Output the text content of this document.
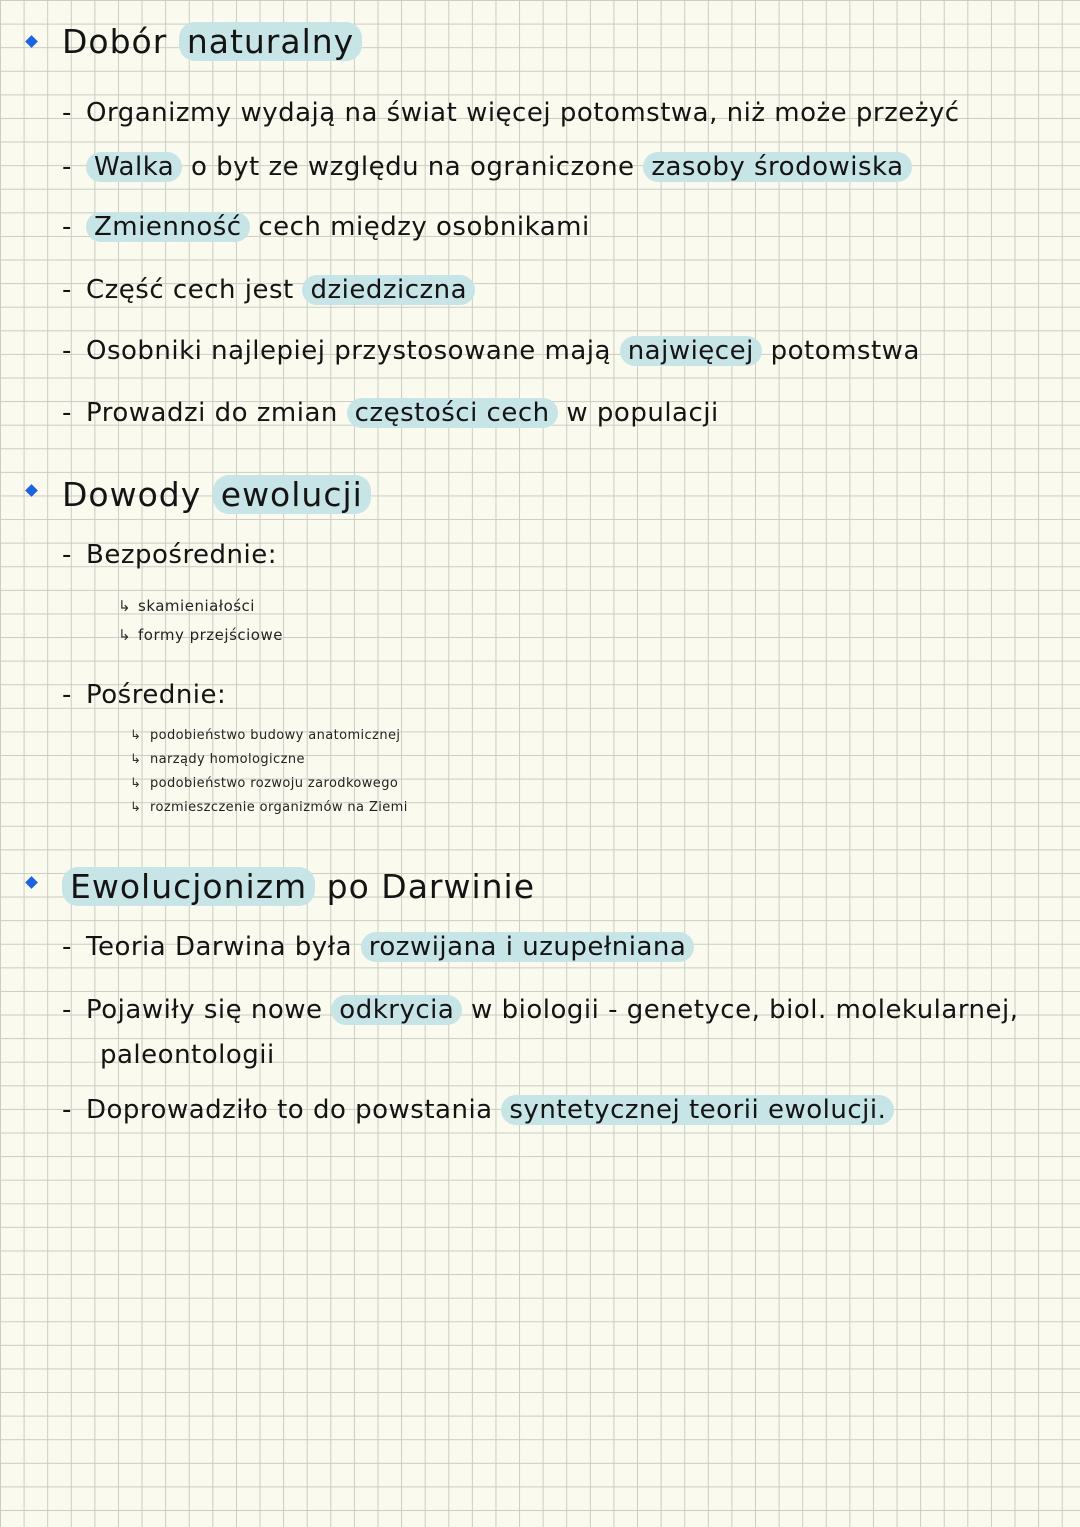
Dobór naturalny
- Organizmy wydają na świat więcej potomstwa, niż może przeżyć
- Walka o byt ze względu na ograniczone zasoby środowiska
- Zmienność cech między osobnikami
- Część cech jest dziedziczna
- Osobniki najlepiej przystosowane mają najwięcej potomstwa
- Prowadzi do zmian częstości cech w populacji
Dowody ewolucji
- Bezpośrednie:
↳ skamieniałości
↳ formy przejściowe
- Pośrednie:
↳ podobieństwo budowy anatomicznej
↳ narządy homologiczne
↳ podobieństwo rozwoju zarodkowego
↳ rozmieszczenie organizmów na Ziemi
Ewolucjonizm po Darwinie
- Teoria Darwina była rozwijana i uzupełniana
- Pojawiły się nowe odkrycia w biologii - genetyce, biol. molekularnej,
paleontologii
- Doprowadziło to do powstania syntetycznej teorii ewolucji.
